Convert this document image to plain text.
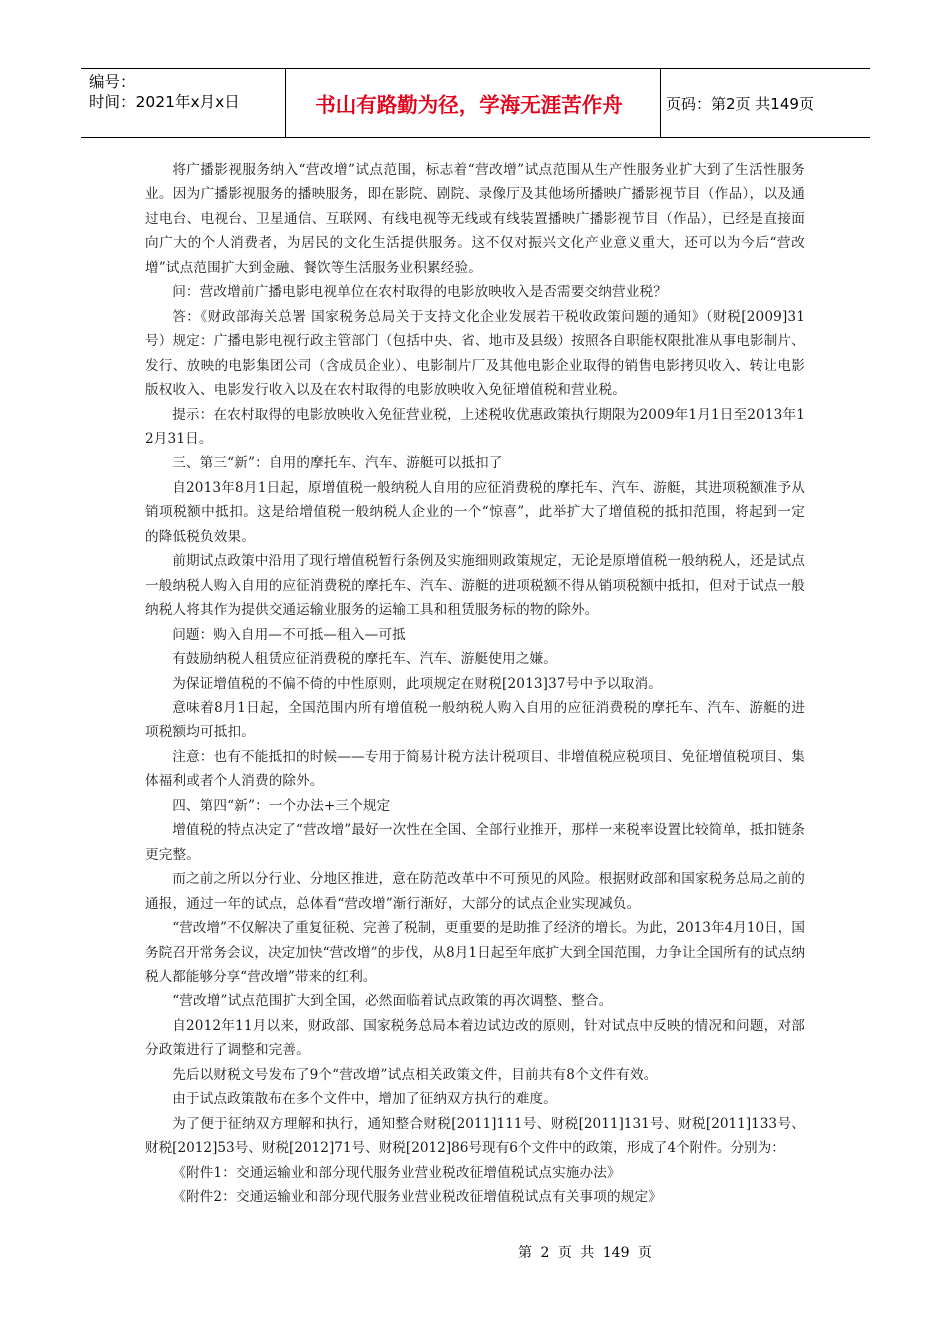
编号：
时间：2021年x月x日	书山有路勤为径，学海无涯苦作舟	页码：第2页 共149页

将广播影视服务纳入“营改增”试点范围，标志着“营改增”试点范围从生产性服务业扩大到了生活性服务业。因为广播影视服务的播映服务，即在影院、剧院、录像厅及其他场所播映广播影视节目（作品），以及通过电台、电视台、卫星通信、互联网、有线电视等无线或有线装置播映广播影视节目（作品），已经是直接面向广大的个人消费者，为居民的文化生活提供服务。这不仅对振兴文化产业意义重大，还可以为今后“营改增”试点范围扩大到金融、餐饮等生活服务业积累经验。

问：营改增前广播电影电视单位在农村取得的电影放映收入是否需要交纳营业税？

答：《财政部海关总署 国家税务总局关于支持文化企业发展若干税收政策问题的通知》（财税[2009]31号）规定：广播电影电视行政主管部门（包括中央、省、地市及县级）按照各自职能权限批准从事电影制片、发行、放映的电影集团公司（含成员企业）、电影制片厂及其他电影企业取得的销售电影拷贝收入、转让电影版权收入、电影发行收入以及在农村取得的电影放映收入免征增值税和营业税。

提示：在农村取得的电影放映收入免征营业税，上述税收优惠政策执行期限为2009年1月1日至2013年12月31日。

三、第三“新”：自用的摩托车、汽车、游艇可以抵扣了

自2013年8月1日起，原增值税一般纳税人自用的应征消费税的摩托车、汽车、游艇，其进项税额准予从销项税额中抵扣。这是给增值税一般纳税人企业的一个“惊喜”，此举扩大了增值税的抵扣范围，将起到一定的降低税负效果。

前期试点政策中沿用了现行增值税暂行条例及实施细则政策规定，无论是原增值税一般纳税人，还是试点一般纳税人购入自用的应征消费税的摩托车、汽车、游艇的进项税额不得从销项税额中抵扣，但对于试点一般纳税人将其作为提供交通运输业服务的运输工具和租赁服务标的物的除外。

问题：购入自用—不可抵—租入—可抵

有鼓励纳税人租赁应征消费税的摩托车、汽车、游艇使用之嫌。

为保证增值税的不偏不倚的中性原则，此项规定在财税[2013]37号中予以取消。

意味着8月1日起，全国范围内所有增值税一般纳税人购入自用的应征消费税的摩托车、汽车、游艇的进项税额均可抵扣。

注意：也有不能抵扣的时候——专用于简易计税方法计税项目、非增值税应税项目、免征增值税项目、集体福利或者个人消费的除外。

四、第四“新”：一个办法+三个规定

增值税的特点决定了“营改增”最好一次性在全国、全部行业推开，那样一来税率设置比较简单，抵扣链条更完整。

而之前之所以分行业、分地区推进，意在防范改革中不可预见的风险。根据财政部和国家税务总局之前的通报，通过一年的试点，总体看“营改增”渐行渐好，大部分的试点企业实现减负。

“营改增”不仅解决了重复征税、完善了税制，更重要的是助推了经济的增长。为此，2013年4月10日，国务院召开常务会议，决定加快“营改增”的步伐，从8月1日起至年底扩大到全国范围，力争让全国所有的试点纳税人都能够分享“营改增”带来的红利。

“营改增”试点范围扩大到全国，必然面临着试点政策的再次调整、整合。

自2012年11月以来，财政部、国家税务总局本着边试边改的原则，针对试点中反映的情况和问题，对部分政策进行了调整和完善。

先后以财税文号发布了9个“营改增”试点相关政策文件，目前共有8个文件有效。

由于试点政策散布在多个文件中，增加了征纳双方执行的难度。

为了便于征纳双方理解和执行，通知整合财税[2011]111号、财税[2011]131号、财税[2011]133号、财税[2012]53号、财税[2012]71号、财税[2012]86号现有6个文件中的政策，形成了4个附件。分别为：

《附件1：交通运输业和部分现代服务业营业税改征增值税试点实施办法》

《附件2：交通运输业和部分现代服务业营业税改征增值税试点有关事项的规定》

第 2 页 共 149 页
